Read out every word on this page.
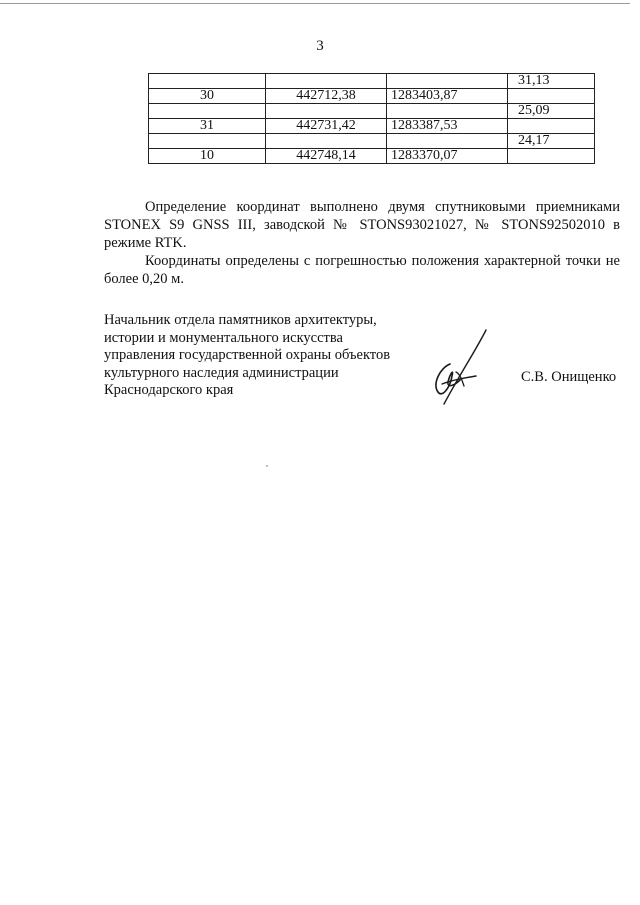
3
			31,13
30	442712,38	1283403,87	
			25,09
31	442731,42	1283387,53	
			24,17
10	442748,14	1283370,07	

Определение координат выполнено двумя спутниковыми приемниками STONEX S9 GNSS III, заводской № STONS93021027, № STONS92502010 в режиме RTK.

Координаты определены с погрешностью положения характерной точки не более 0,20 м.

Начальник отдела памятников архитектуры,
истории и монументального искусства
управления государственной охраны объектов
культурного наследия администрации
Краснодарского края
С.В. Онищенко
